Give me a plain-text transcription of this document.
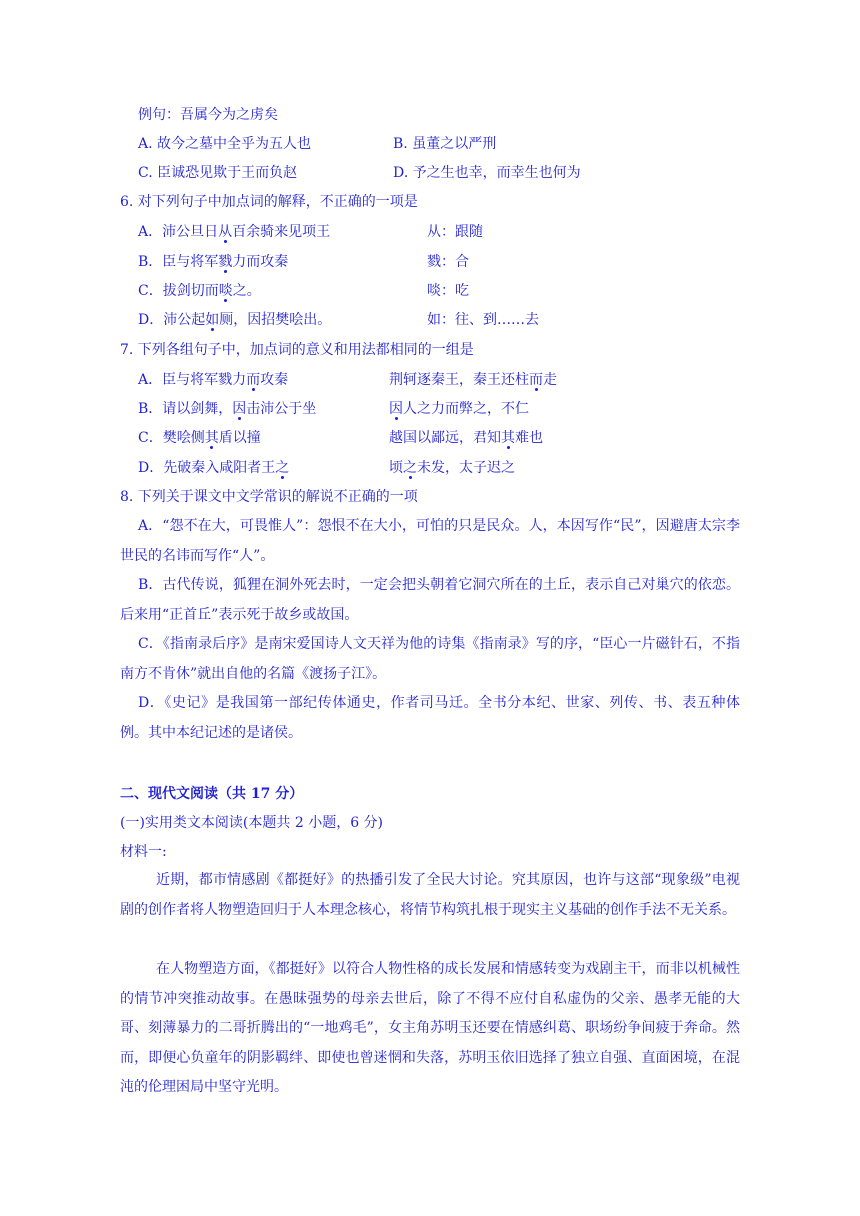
例句：吾属今为之虏矣
A. 故今之墓中全乎为五人也	B. 虽董之以严刑
C. 臣诚恐见欺于王而负赵	D. 予之生也幸，而幸生也何为
6. 对下列句子中加点词的解释，不正确的一项是
A．沛公旦日从百余骑来见项王	从：跟随
B．臣与将军戮力而攻秦	戮：合
C．拔剑切而啖之。	啖：吃
D．沛公起如厕，因招樊哙出。	如：往、到……去
7. 下列各组句子中，加点词的意义和用法都相同的一组是
A．臣与将军戮力而攻秦	荆轲逐秦王，秦王还柱而走
B．请以剑舞，因击沛公于坐	因人之力而弊之，不仁
C．樊哙侧其盾以撞	越国以鄙远，君知其难也
D．先破秦入咸阳者王之	顷之未发，太子迟之
8. 下列关于课文中文学常识的解说不正确的一项

A．“怨不在大，可畏惟人”：怨恨不在大小，可怕的只是民众。人，本因写作“民”，因避唐太宗李世民的名讳而写作“人”。

B．古代传说，狐狸在洞外死去时，一定会把头朝着它洞穴所在的土丘，表示自己对巢穴的依恋。后来用“正首丘”表示死于故乡或故国。

C．《指南录后序》是南宋爱国诗人文天祥为他的诗集《指南录》写的序，“臣心一片磁针石，不指南方不肯休”就出自他的名篇《渡扬子江》。

D．《史记》是我国第一部纪传体通史，作者司马迁。全书分本纪、世家、列传、书、表五种体例。其中本纪记述的是诸侯。

二、现代文阅读（共 17 分）
(一)实用类文本阅读(本题共 2 小题，6 分)
材料一:

近期，都市情感剧《都挺好》的热播引发了全民大讨论。究其原因，也许与这部“现象级”电视剧的创作者将人物塑造回归于人本理念核心，将情节构筑扎根于现实主义基础的创作手法不无关系。

在人物塑造方面，《都挺好》以符合人物性格的成长发展和情感转变为戏剧主干，而非以机械性的情节冲突推动故事。在愚昧强势的母亲去世后，除了不得不应付自私虚伪的父亲、愚孝无能的大哥、刻薄暴力的二哥折腾出的“一地鸡毛”，女主角苏明玉还要在情感纠葛、职场纷争间疲于奔命。然而，即便心负童年的阴影羁绊、即使也曾迷惘和失落，苏明玉依旧选择了独立自强、直面困境，在混沌的伦理困局中坚守光明。
